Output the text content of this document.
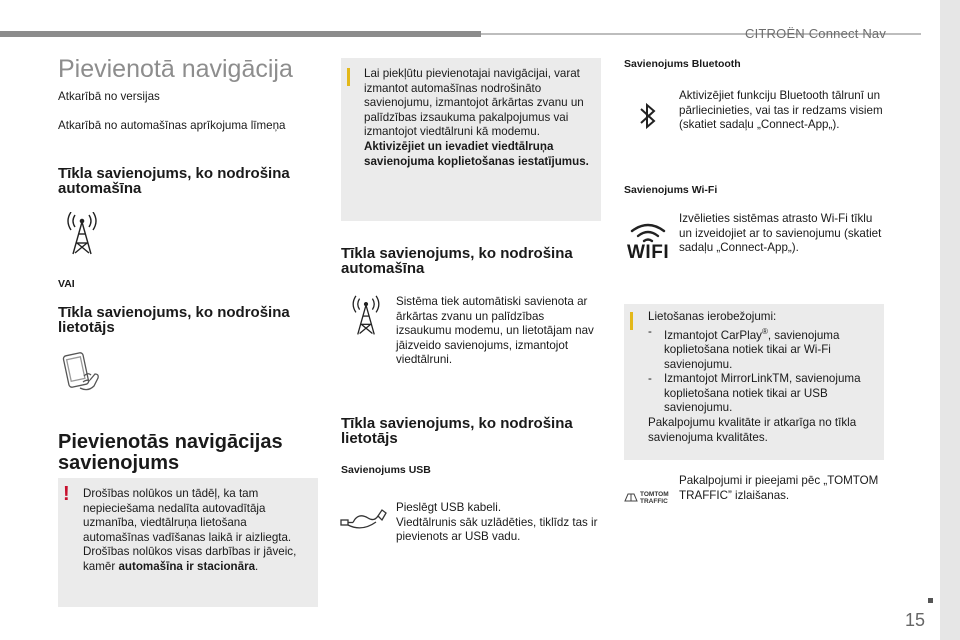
CITROËN Connect Nav
Pievienotā navigācija
Atkarībā no versijas
Atkarībā no automašīnas aprīkojuma līmeņa
Tīkla savienojums, ko nodrošina automašīna
VAI
Tīkla savienojums, ko nodrošina lietotājs
Pievienotās navigācijas savienojums
! Drošības nolūkos un tādēļ, ka tam nepieciešama nedalīta autovadītāja uzmanība, viedtālruņa lietošana automašīnas vadīšanas laikā ir aizliegta.
Drošības nolūkos visas darbības ir jāveic, kamēr automašīna ir stacionāra.
Lai piekļūtu pievienotajai navigācijai, varat izmantot automašīnas nodrošināto savienojumu, izmantojot ārkārtas zvanu un palīdzības izsaukuma pakalpojumus vai izmantojot viedtālruni kā modemu.
Aktivizējiet un ievadiet viedtālruņa savienojuma koplietošanas iestatījumus.
Tīkla savienojums, ko nodrošina automašīna
Sistēma tiek automātiski savienota ar ārkārtas zvanu un palīdzības izsaukumu modemu, un lietotājam nav jāizveido savienojums, izmantojot viedtālruni.
Tīkla savienojums, ko nodrošina lietotājs
Savienojums USB
Pieslēgt USB kabeli.
Viedtālrunis sāk uzlādēties, tiklīdz tas ir pievienots ar USB vadu.
Savienojums Bluetooth
Aktivizējiet funkciju Bluetooth tālrunī un pārliecinieties, vai tas ir redzams visiem (skatiet sadaļu „Connect-App„).
Savienojums Wi-Fi
WIFI
Izvēlieties sistēmas atrasto Wi-Fi tīklu un izveidojiet ar to savienojumu (skatiet sadaļu „Connect-App„).
Lietošanas ierobežojumi:
-	Izmantojot CarPlay®, savienojuma koplietošana notiek tikai ar Wi-Fi savienojumu.
-	Izmantojot MirrorLinkTM, savienojuma koplietošana notiek tikai ar USB savienojumu.
Pakalpojumu kvalitāte ir atkarīga no tīkla savienojuma kvalitātes.
TOMTOM
TRAFFIC
Pakalpojumi ir pieejami pēc „TOMTOM TRAFFIC” izlaišanas.
15
